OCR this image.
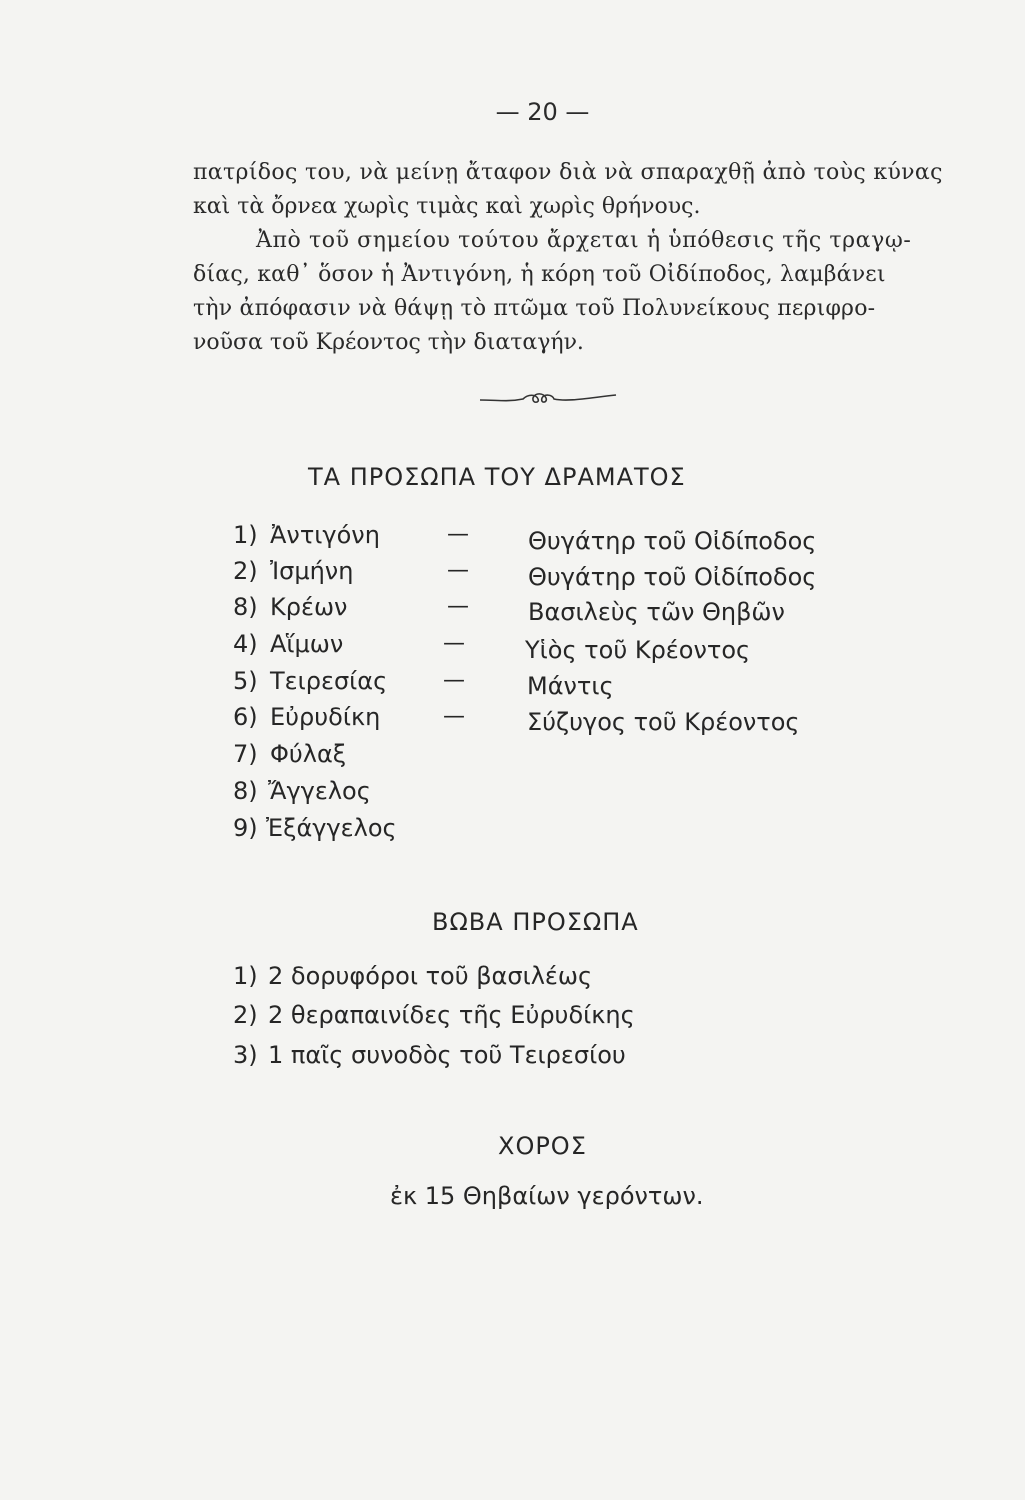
— 20 —
πατρίδος του, νὰ μείνῃ ἄταφον διὰ νὰ σπαραχθῇ ἀπὸ τοὺς κύνας
καὶ τὰ ὄρνεα χωρὶς τιμὰς καὶ χωρὶς θρήνους.
Ἀπὸ τοῦ σημείου τούτου ἄρχεται ἡ ὑπόθεσις τῆς τραγῳ-
δίας, καθ᾽ ὅσον ἡ Ἀντιγόνη, ἡ κόρη τοῦ Οἰδίποδος, λαμβάνει
τὴν ἀπόφασιν νὰ θάψῃ τὸ πτῶμα τοῦ Πολυνείκους περιφρο-
νοῦσα τοῦ Κρέοντος τὴν διαταγήν.
ΤΑ ΠΡΟΣΩΠΑ ΤΟΥ ΔΡΑΜΑΤΟΣ
1) Ἀντιγόνη	— Θυγάτηρ τοῦ Οἰδίποδος
2) Ἰσμήνη	— Θυγάτηρ τοῦ Οἰδίποδος
8) Κρέων	— Βασιλεὺς τῶν Θηβῶν
4) Αἵμων	—	Υἱὸς τοῦ Κρέοντος
5) Τειρεσίας	—	Μάντις
6) Εὐρυδίκη	—	Σύζυγος τοῦ Κρέοντος
7) Φύλαξ
8) Ἄγγελος
9) Ἐξάγγελος
ΒΩΒΑ ΠΡΟΣΩΠΑ
1) 2 δορυφόροι τοῦ βασιλέως
2) 2 θεραπαινίδες τῆς Εὐρυδίκης
3) 1 παῖς συνοδὸς τοῦ Τειρεσίου
ΧΟΡΟΣ
ἐκ 15 Θηβαίων γερόντων.
